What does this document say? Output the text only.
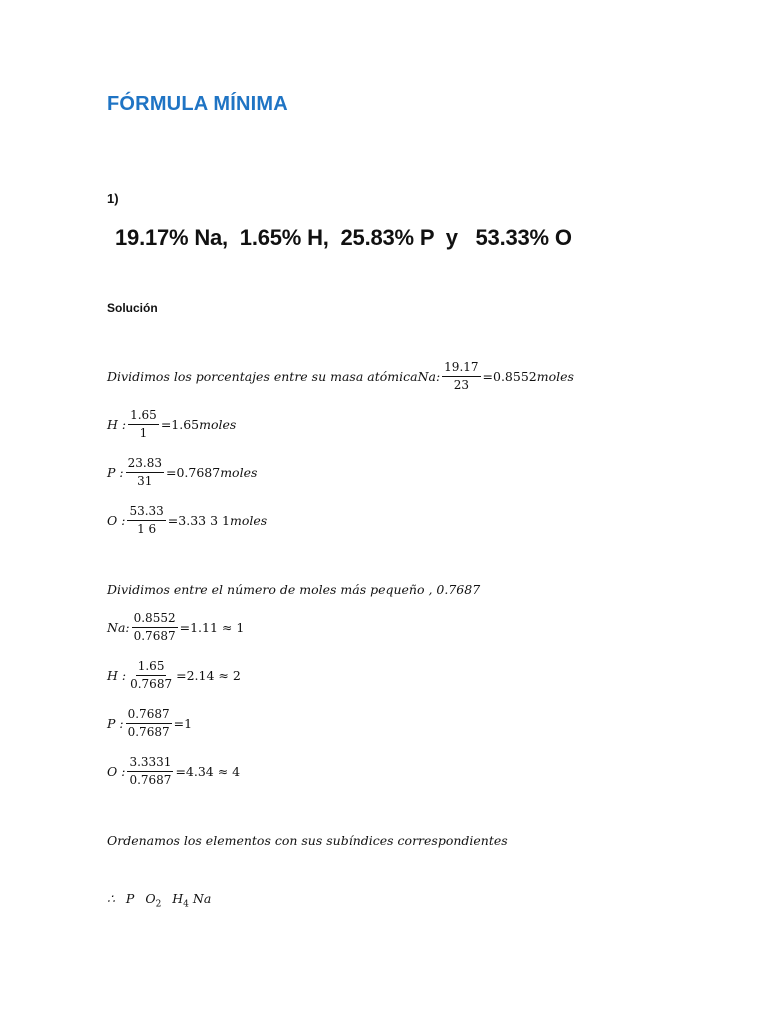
FÓRMULA MÍNIMA
1)
19.17% Na,  1.65% H,  25.83% P  y   53.33% O
Solución
Dividimos los porcentajes entre su masa atómica Na: $\frac{19.17}{23} =0.8552$ moles
H : $\frac{1.65}{1} =1.65$ moles
P : $\frac{23.83}{31} =0.7687$ moles
O : $\frac{53.33}{1 6} =3.33$ 3 1 moles
Dividimos entre el número de moles más pequeño , 0.7687
Na: $\frac{0.8552}{0.7687} =1.11 \approx 1$
H : $\frac{1.65}{0.7687} =2.14 \approx 2$
P : $\frac{0.7687}{0.7687} =1$
O : $\frac{3.3331}{0.7687} =4.34 \approx 4$
Ordenamos los elementos con sus subíndices correspondientes
∴ P $O_2$ $H_4$ Na
